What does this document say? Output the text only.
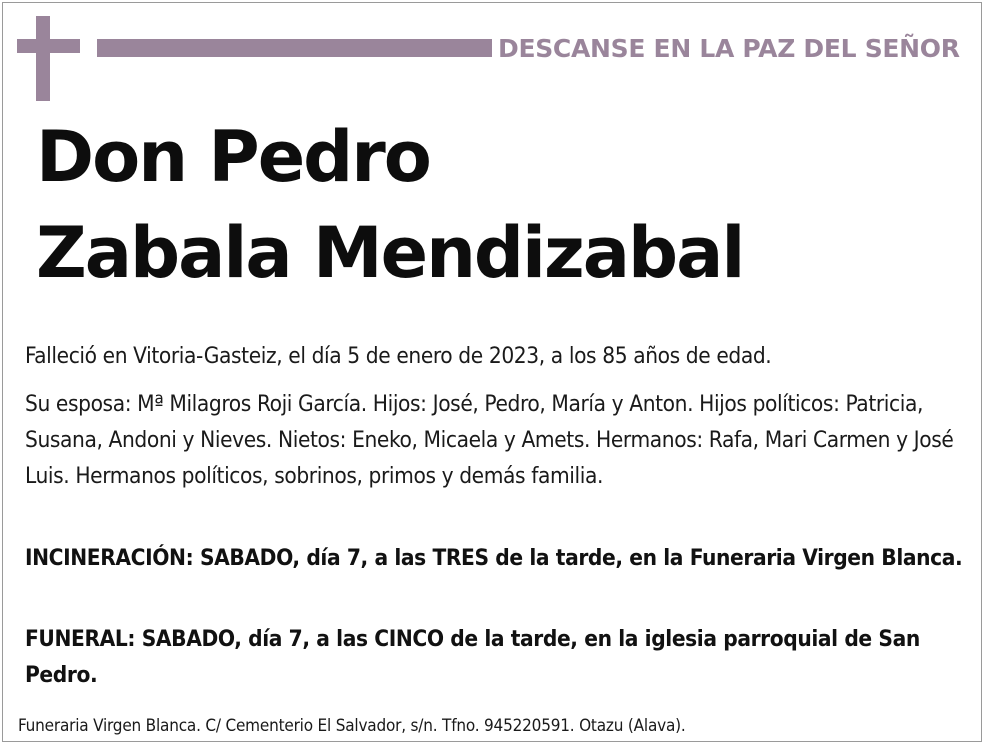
DESCANSE EN LA PAZ DEL SEÑOR
Don Pedro
Zabala Mendizabal

Falleció en Vitoria-Gasteiz, el día 5 de enero de 2023, a los 85 años de edad.

Su esposa: Mª Milagros Roji García. Hijos: José, Pedro, María y Anton. Hijos políticos: Patricia, Susana, Andoni y Nieves. Nietos: Eneko, Micaela y Amets. Hermanos: Rafa, Mari Carmen y José Luis. Hermanos políticos, sobrinos, primos y demás familia.

INCINERACIÓN: SABADO, día 7, a las TRES de la tarde, en la Funeraria Virgen Blanca.

FUNERAL: SABADO, día 7, a las CINCO de la tarde, en la iglesia parroquial de San Pedro.

Funeraria Virgen Blanca. C/ Cementerio El Salvador, s/n. Tfno. 945220591. Otazu (Alava).
